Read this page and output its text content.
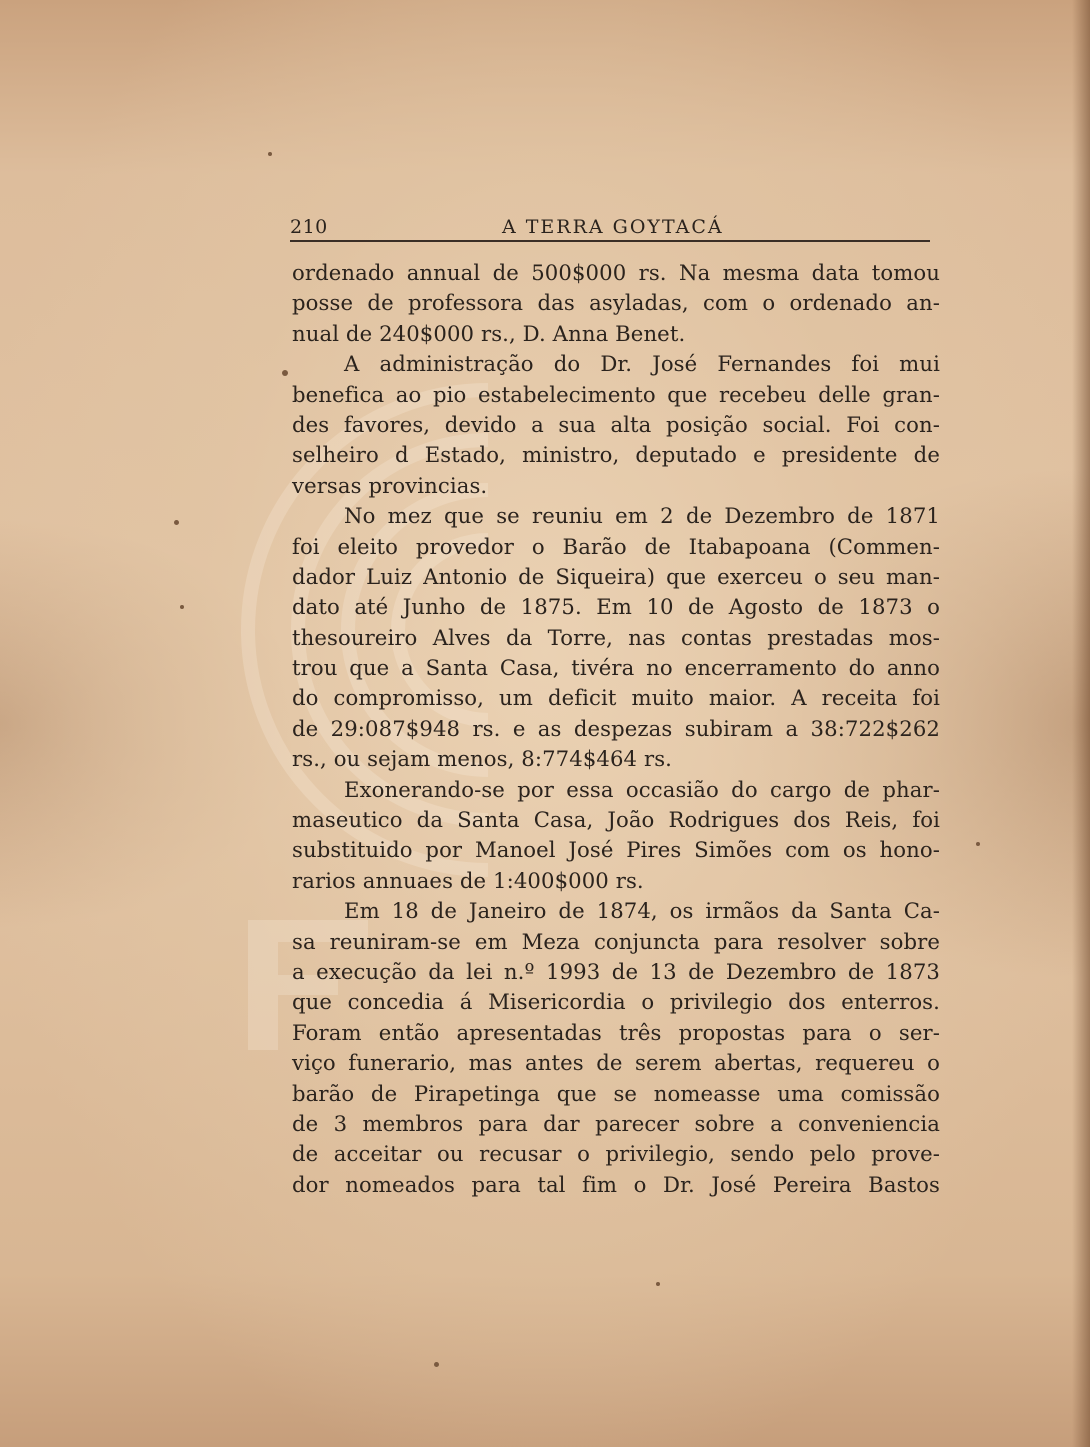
210	A TERRA GOYTACÁ
ordenado annual de 500$000 rs. Na mesma data tomou
posse de professora das asyladas, com o ordenado an-
nual de 240$000 rs., D. Anna Benet.
A administração do Dr. José Fernandes foi mui
benefica ao pio estabelecimento que recebeu delle gran-
des favores, devido a sua alta posição social. Foi con-
selheiro d Estado, ministro, deputado e presidente de
versas provincias.
No mez que se reuniu em 2 de Dezembro de 1871
foi eleito provedor o Barão de Itabapoana (Commen-
dador Luiz Antonio de Siqueira) que exerceu o seu man-
dato até Junho de 1875. Em 10 de Agosto de 1873 o
thesoureiro Alves da Torre, nas contas prestadas mos-
trou que a Santa Casa, tivéra no encerramento do anno
do compromisso, um deficit muito maior. A receita foi
de 29:087$948 rs. e as despezas subiram a 38:722$262
rs., ou sejam menos, 8:774$464 rs.
Exonerando-se por essa occasião do cargo de phar-
maseutico da Santa Casa, João Rodrigues dos Reis, foi
substituido por Manoel José Pires Simões com os hono-
rarios annuaes de 1:400$000 rs.
Em 18 de Janeiro de 1874, os irmãos da Santa Ca-
sa reuniram-se em Meza conjuncta para resolver sobre
a execução da lei n.º 1993 de 13 de Dezembro de 1873
que concedia á Misericordia o privilegio dos enterros.
Foram então apresentadas três propostas para o ser-
viço funerario, mas antes de serem abertas, requereu o
barão de Pirapetinga que se nomeasse uma comissão
de 3 membros para dar parecer sobre a conveniencia
de acceitar ou recusar o privilegio, sendo pelo prove-
dor nomeados para tal fim o Dr. José Pereira Bastos
